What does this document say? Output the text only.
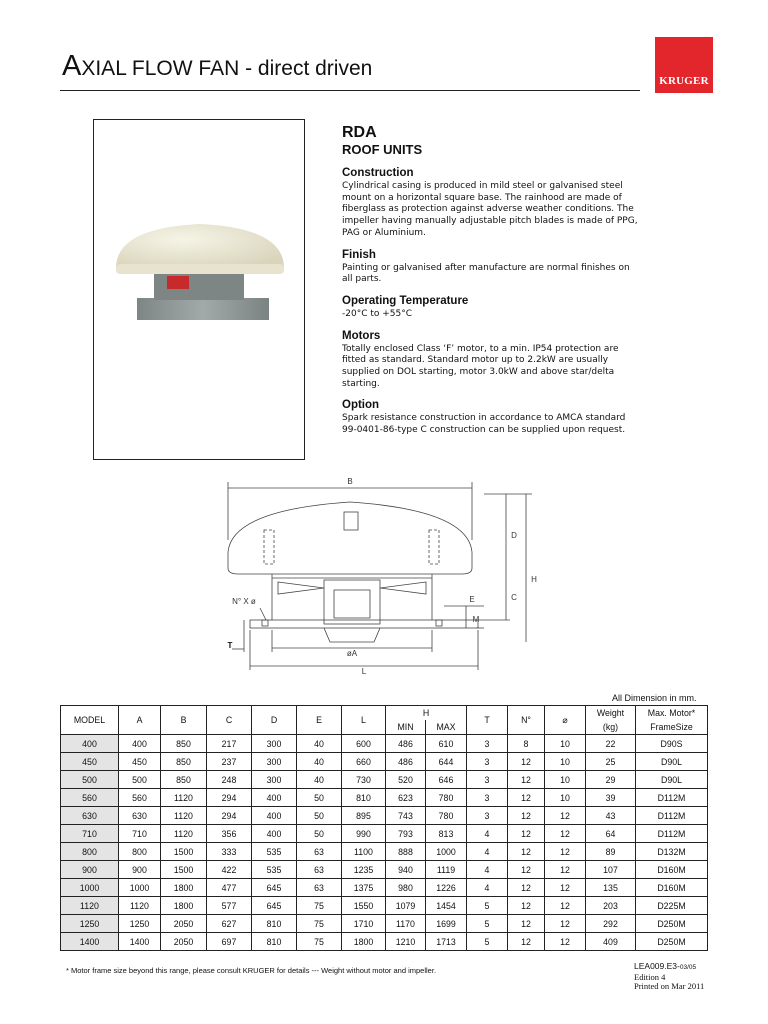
AXIAL FLOW FAN - direct driven
KRUGER
RDA
ROOF UNITS
Construction

Cylindrical casing is produced in mild steel or galvanised steel mount on a horizontal square base. The rainhood are made of fiberglass as protection against adverse weather conditions. The impeller having manually adjustable pitch blades is made of PPG, PAG or Aluminium.

Finish

Painting or galvanised after manufacture are normal finishes on all parts.

Operating Temperature

-20°C to +55°C

Motors

Totally enclosed Class ‘F’ motor, to a min. IP54 protection are fitted as standard. Standard motor up to 2.2kW are usually supplied on DOL starting, motor 3.0kW and above star/delta starting.

Option

Spark resistance construction in accordance to AMCA standard 99-0401-86-type C construction can be supplied upon request.

B
D
H
C
E
M
N° X ø
T
øA
L
All Dimension in mm.
MODEL	A	B	C	D	E	L	H		T	N°	⌀	Weight	Max. Motor*
							MIN	MAX				(kg)	FrameSize
400	400	850	217	300	40	600	486	610	3	8	10	22	D90S
450	450	850	237	300	40	660	486	644	3	12	10	25	D90L
500	500	850	248	300	40	730	520	646	3	12	10	29	D90L
560	560	1120	294	400	50	810	623	780	3	12	10	39	D112M
630	630	1120	294	400	50	895	743	780	3	12	12	43	D112M
710	710	1120	356	400	50	990	793	813	4	12	12	64	D112M
800	800	1500	333	535	63	1100	888	1000	4	12	12	89	D132M
900	900	1500	422	535	63	1235	940	1119	4	12	12	107	D160M
1000	1000	1800	477	645	63	1375	980	1226	4	12	12	135	D160M
1120	1120	1800	577	645	75	1550	1079	1454	5	12	12	203	D225M
1250	1250	2050	627	810	75	1710	1170	1699	5	12	12	292	D250M
1400	1400	2050	697	810	75	1800	1210	1713	5	12	12	409	D250M
* Motor frame size beyond this range, please consult KRUGER for details --- Weight without motor and impeller.	LEA009.E3-03/05
Edition 4
Printed on Mar 2011
